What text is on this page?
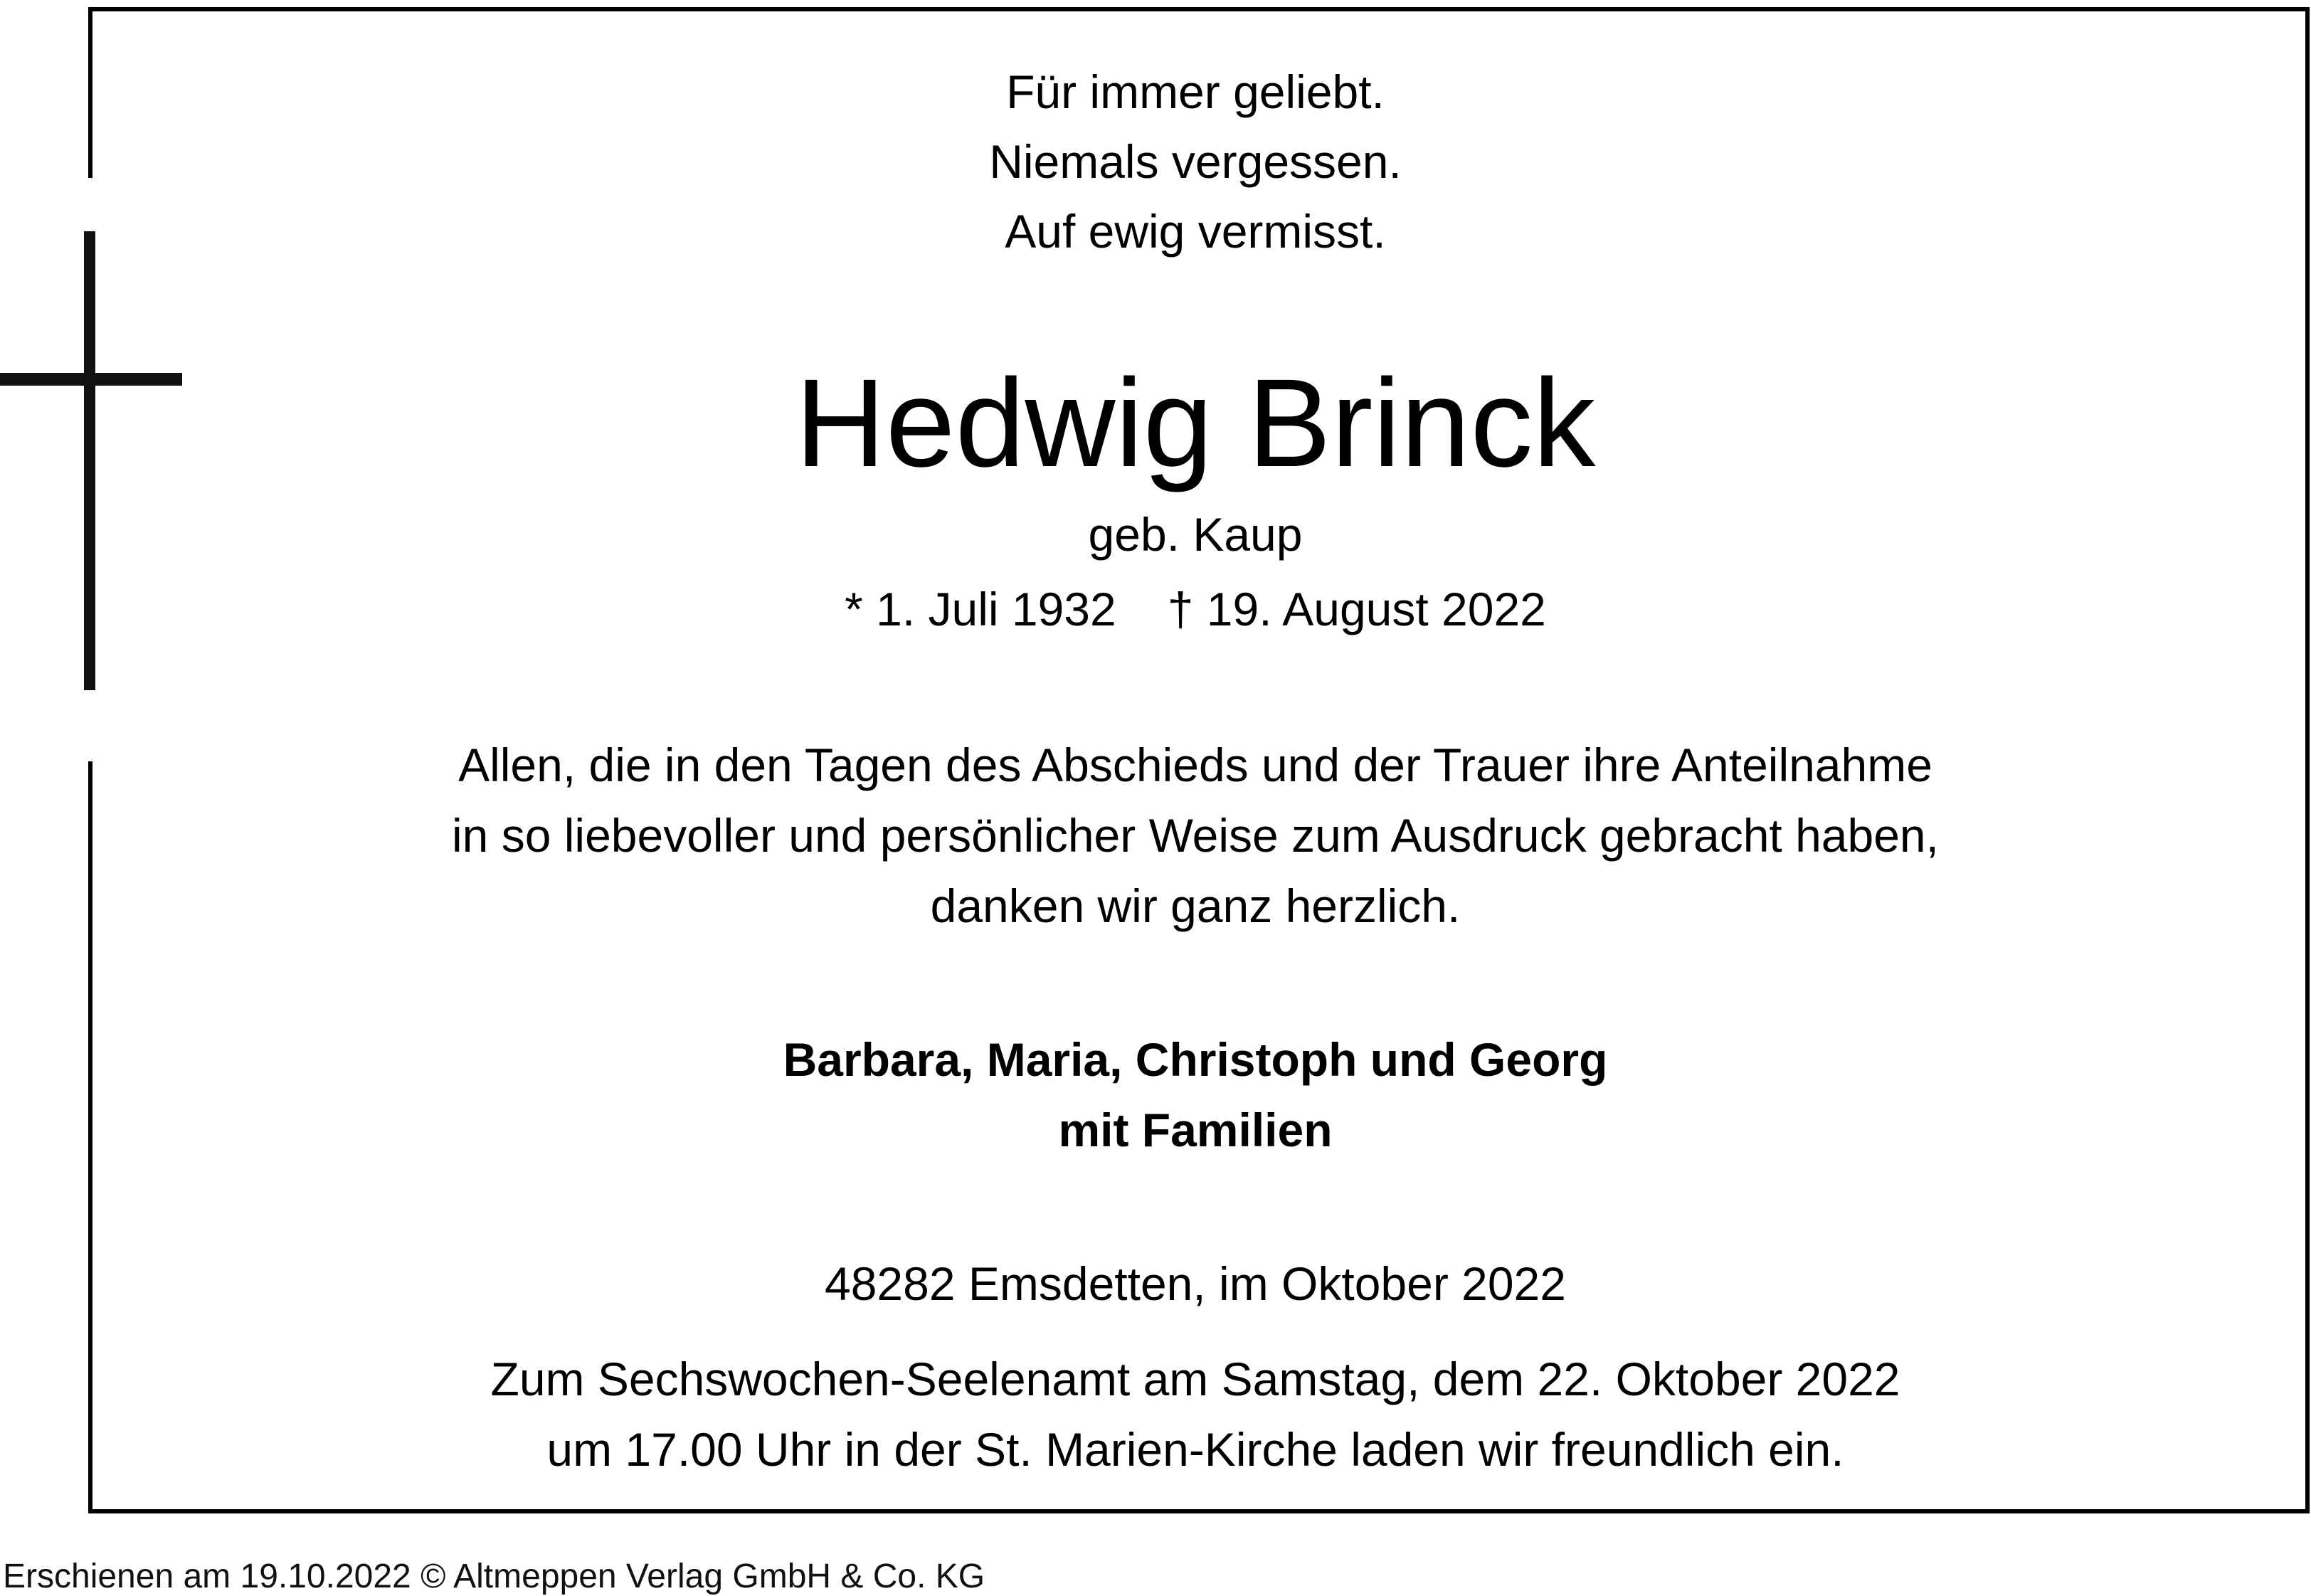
Für immer geliebt.
Niemals vergessen.
Auf ewig vermisst.
Hedwig Brinck
geb. Kaup
* 1. Juli 1932 † 19. August 2022
Allen, die in den Tagen des Abschieds und der Trauer ihre Anteilnahme
in so liebevoller und persönlicher Weise zum Ausdruck gebracht haben,
danken wir ganz herzlich.
Barbara, Maria, Christoph und Georg
mit Familien
48282 Emsdetten, im Oktober 2022
Zum Sechswochen-Seelenamt am Samstag, dem 22. Oktober 2022
um 17.00 Uhr in der St. Marien-Kirche laden wir freundlich ein.
Erschienen am 19.10.2022 © Altmeppen Verlag GmbH & Co. KG
